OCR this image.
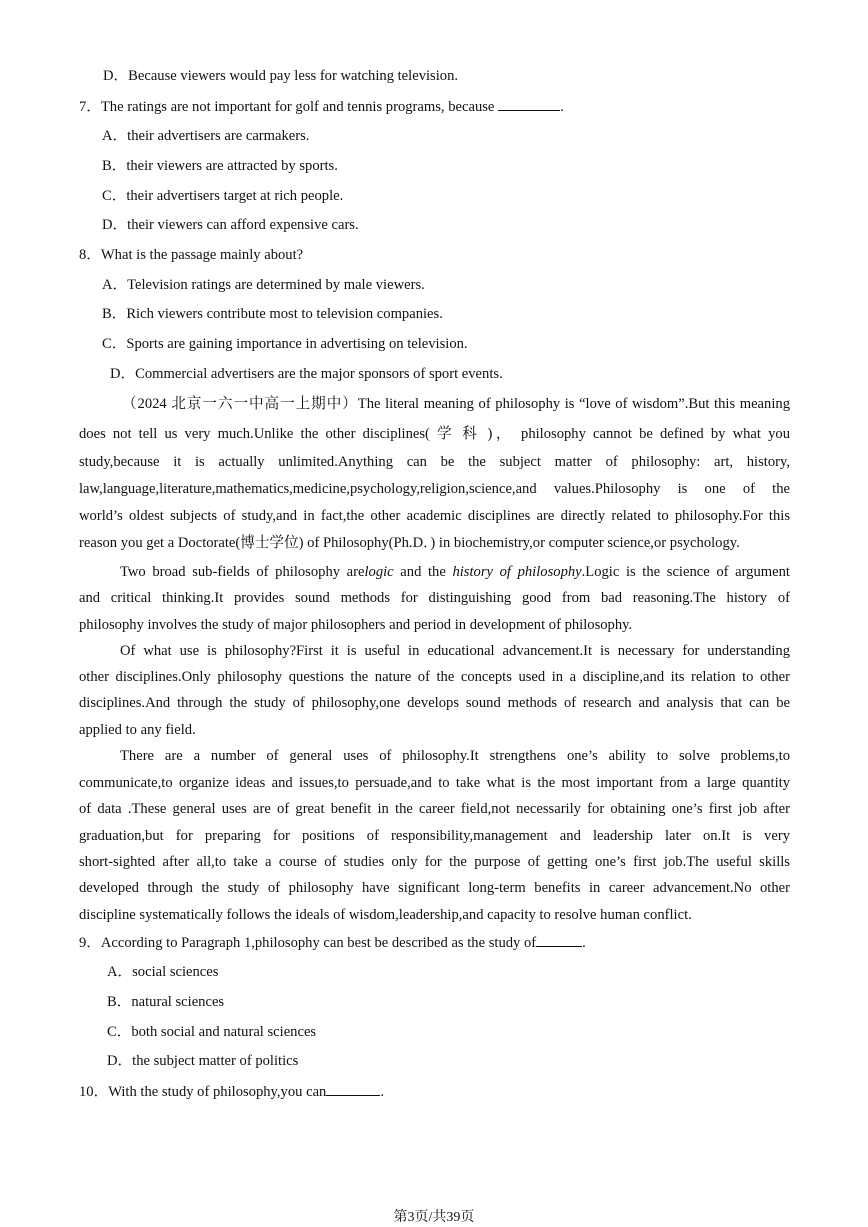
D．Because viewers would pay less for watching television.
7．The ratings are not important for golf and tennis programs, because	.
A．their advertisers are carmakers.
B．their viewers are attracted by sports.
C．their advertisers target at rich people.
D．their viewers can afford expensive cars.
8．What is the passage mainly about?
A．Television ratings are determined by male viewers.
B．Rich viewers contribute most to television companies.
C．Sports are gaining importance in advertising on television.
D．Commercial advertisers are the major sponsors of sport events.
（2024 北京一六一中高一上期中）The literal meaning of philosophy is “love of wisdom”.But this meaning
does not tell us very much.Unlike the other disciplines( 学 科 )， philosophy cannot be defined by what you
study,because it is actually unlimited.Anything can be the subject matter of philosophy: art, history,
law,language,literature,mathematics,medicine,psychology,religion,science,and values.Philosophy is one of the
world’s oldest subjects of study,and in fact,the other academic disciplines are directly related to philosophy.For this
reason you get a Doctorate(博士学位) of Philosophy(Ph.D．) in biochemistry,or computer science,or psychology.
Two broad sub-fields of philosophy arelogic and the history of philosophy.Logic is the science of argument
and critical thinking.It provides sound methods for distinguishing good from bad reasoning.The history of
philosophy involves the study of major philosophers and period in development of philosophy.
Of what use is philosophy?First it is useful in educational advancement.It is necessary for understanding
other disciplines.Only philosophy questions the nature of the concepts used in a discipline,and its relation to other
disciplines.And through the study of philosophy,one develops sound methods of research and analysis that can be
applied to any field.
There are a number of general uses of philosophy.It strengthens one’s ability to solve problems,to
communicate,to organize ideas and issues,to persuade,and to take what is the most important from a large quantity
of data .These general uses are of great benefit in the career field,not necessarily for obtaining one’s first job after
graduation,but for preparing for positions of responsibility,management and leadership later on.It is very
short-sighted after all,to take a course of studies only for the purpose of getting one’s first job.The useful skills
developed through the study of philosophy have significant long-term benefits in career advancement.No other
discipline systematically follows the ideals of wisdom,leadership,and capacity to resolve human conflict.
9．According to Paragraph 1,philosophy can best be described as the study of	.
A．social sciences
B．natural sciences
C．both social and natural sciences
D．the subject matter of politics
10．With the study of philosophy,you can	.
第3页/共39页
